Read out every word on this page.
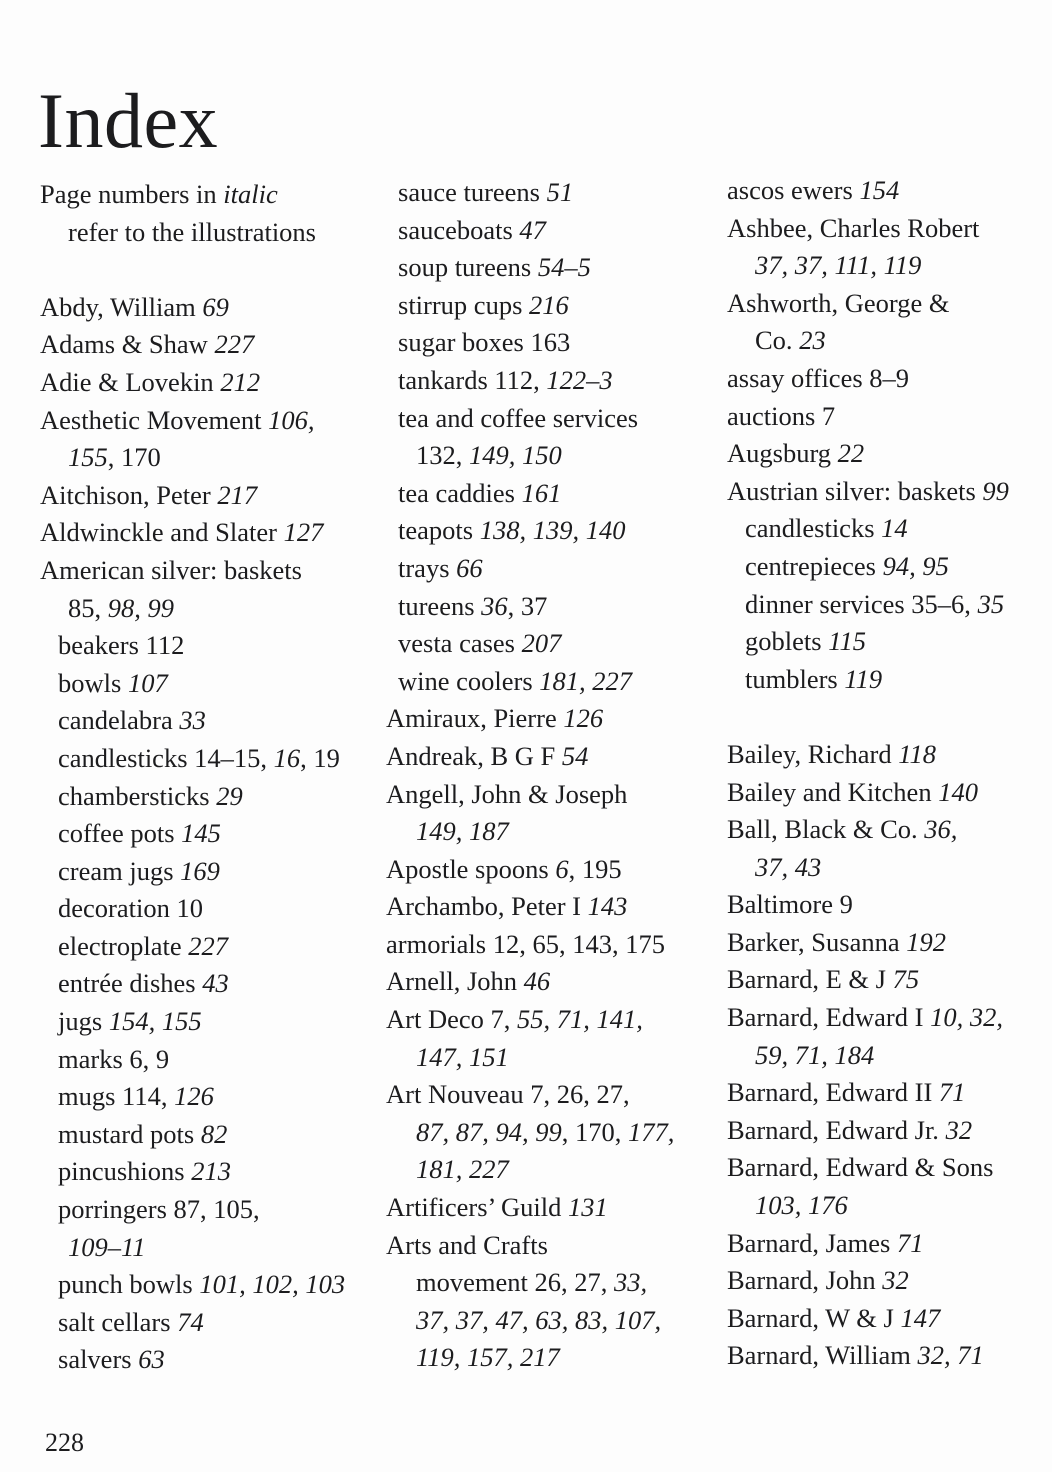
Index
Page numbers in italic
refer to the illustrations
Abdy, William 69
Adams & Shaw 227
Adie & Lovekin 212
Aesthetic Movement 106,
155, 170
Aitchison, Peter 217
Aldwinckle and Slater 127
American silver: baskets
85, 98, 99
beakers 112
bowls 107
candelabra 33
candlesticks 14–15, 16, 19
chambersticks 29
coffee pots 145
cream jugs 169
decoration 10
electroplate 227
entrée dishes 43
jugs 154, 155
marks 6, 9
mugs 114, 126
mustard pots 82
pincushions 213
porringers 87, 105,
109–11
punch bowls 101, 102, 103
salt cellars 74
salvers 63
sauce tureens 51
sauceboats 47
soup tureens 54–5
stirrup cups 216
sugar boxes 163
tankards 112, 122–3
tea and coffee services
132, 149, 150
tea caddies 161
teapots 138, 139, 140
trays 66
tureens 36, 37
vesta cases 207
wine coolers 181, 227
Amiraux, Pierre 126
Andreak, B G F 54
Angell, John & Joseph
149, 187
Apostle spoons 6, 195
Archambo, Peter I 143
armorials 12, 65, 143, 175
Arnell, John 46
Art Deco 7, 55, 71, 141,
147, 151
Art Nouveau 7, 26, 27,
87, 87, 94, 99, 170, 177,
181, 227
Artificers’ Guild 131
Arts and Crafts
movement 26, 27, 33,
37, 37, 47, 63, 83, 107,
119, 157, 217
ascos ewers 154
Ashbee, Charles Robert
37, 37, 111, 119
Ashworth, George &
Co. 23
assay offices 8–9
auctions 7
Augsburg 22
Austrian silver: baskets 99
candlesticks 14
centrepieces 94, 95
dinner services 35–6, 35
goblets 115
tumblers 119
Bailey, Richard 118
Bailey and Kitchen 140
Ball, Black & Co. 36,
37, 43
Baltimore 9
Barker, Susanna 192
Barnard, E & J 75
Barnard, Edward I 10, 32,
59, 71, 184
Barnard, Edward II 71
Barnard, Edward Jr. 32
Barnard, Edward & Sons
103, 176
Barnard, James 71
Barnard, John 32
Barnard, W & J 147
Barnard, William 32, 71
228
